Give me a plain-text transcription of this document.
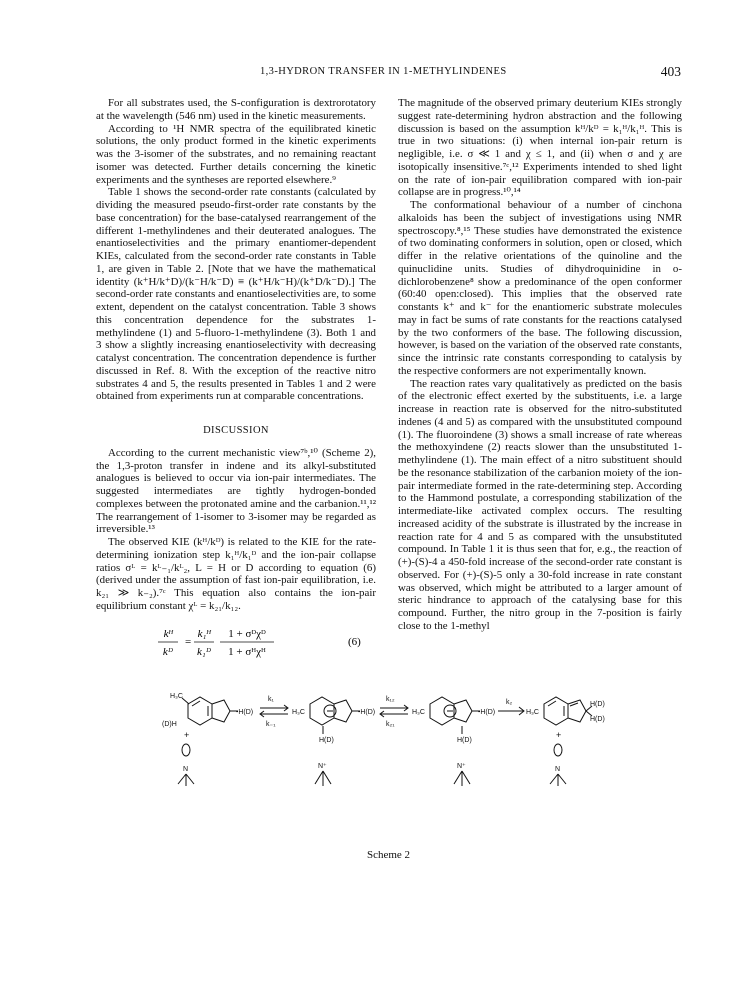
1,3-HYDRON TRANSFER IN 1-METHYLINDENES	403

For all substrates used, the S-configuration is dextrorotatory at the wavelength (546 nm) used in the kinetic measurements.

According to ¹H NMR spectra of the equilibrated kinetic solutions, the only product formed in the kinetic experiments was the 3-isomer of the substrates, and no remaining reactant isomer was detected. Further details concerning the kinetic experiments and the syntheses are reported elsewhere.⁹

Table 1 shows the second-order rate constants (calculated by dividing the measured pseudo-first-order rate constants by the base concentration) for the base-catalysed rearrangement of the different 1-methylindenes and their deuterated analogues. The enantioselectivities and the primary enantiomer-dependent KIEs, calculated from the second-order rate constants in Table 1, are given in Table 2. [Note that we have the mathematical identity (k⁺H/k⁺D)/(k⁻H/k⁻D) ≡ (k⁺H/k⁻H)/(k⁺D/k⁻D).] The second-order rate constants and enantioselectivities are, to some extent, dependent on the catalyst concentration. Table 3 shows this concentration dependence for the substrates 1-methylindene (1) and 5-fluoro-1-methylindene (3). Both 1 and 3 show a slightly increasing enantioselectivity with decreasing catalyst concentration. The concentration dependence is further discussed in Ref. 8. With the exception of the reactive nitro substrates 4 and 5, the results presented in Tables 1 and 2 were obtained from experiments run at comparable concentrations.

DISCUSSION

According to the current mechanistic view⁷ᵇ,¹⁰ (Scheme 2), the 1,3-proton transfer in indene and its alkyl-substituted analogues is believed to occur via ion-pair intermediates. The suggested intermediates are tightly hydrogen-bonded complexes between the protonated amine and the carbanion.¹¹,¹² The rearrangement of 1-isomer to 3-isomer may be regarded as irreversible.¹³

The observed KIE (kᴴ/kᴰ) is related to the KIE for the rate-determining ionization step k₁ᴴ/k₁ᴰ and the ion-pair collapse ratios σᴸ = kᴸ₋₁/kᴸ₂, L = H or D according to equation (6) (derived under the assumption of fast ion-pair equilibration, i.e. k₂₁ ≫ k₋₂).⁷ᶜ This equation also contains the ion-pair equilibrium constant χᴸ = k₂₁/k₁₂.

kᴴ
kᴰ
=
k₁ᴴ
k₁ᴰ
1 + σᴰχᴰ
1 + σᴴχᴴ
(6)

The magnitude of the observed primary deuterium KIEs strongly suggest rate-determining hydron abstraction and the following discussion is based on the assumption kᴴ/kᴰ = k₁ᴴ/k₁ᴴ. This is true in two situations: (i) when internal ion-pair return is negligible, i.e. σ ≪ 1 and χ ≤ 1, and (ii) when σ and χ are isotopically insensitive.⁷ᶜ,¹² Experiments intended to shed light on the rate of ion-pair equilibration compared with ion-pair collapse are in progress.¹⁰,¹⁴

The conformational behaviour of a number of cinchona alkaloids has been the subject of investigations using NMR spectroscopy.⁸,¹⁵ These studies have demonstrated the existence of two dominating conformers in solution, open or closed, which differ in the relative orientations of the quinoline and the quinuclidine units. Studies of dihydroquinidine in o-dichlorobenzene⁸ show a predominance of the open conformer (60:40 open:closed). This implies that the observed rate constants k⁺ and k⁻ for the enantiomeric substrate molecules may in fact be sums of rate constants for the reactions catalysed by the two conformers of the base. The following discussion, however, is based on the variation of the observed rate constants, since the intrinsic rate constants corresponding to catalysis by the respective conformers are not experimentally known.

The reaction rates vary qualitatively as predicted on the basis of the electronic effect exerted by the substituents, i.e. a large increase in reaction rate is observed for the nitro-substituted indenes (4 and 5) as compared with the unsubstituted compound (1). The fluoroindene (3) shows a small increase of rate whereas the methoxyindene (2) reacts slower than the unsubstituted 1-methylindene (1). The main effect of a nitro substituent should be the resonance stabilization of the carbanion moiety of the ion-pair intermediate formed in the rate-determining step. According to the Hammond postulate, a corresponding stabilization of the intermediate-like activated complex occurs. The resulting increased acidity of the substrate is illustrated by the increase in reaction rate for 4 and 5 as compared with the unsubstituted compound. In Table 1 it is thus seen that for, e.g., the reaction of (+)-(S)-4 a 450-fold increase of the second-order rate constant is observed. For (+)-(S)-5 only a 30-fold increase in rate constant was observed, which might be attributed to a larger amount of steric hindrance to approach of the catalysing base for this compound. Further, the nitro group in the 7-position is fairly close to the 1-methyl

H₃C
(D)H
-H(D)
+
N
k₁
k₋₁
H₃C	-H(D)
H(D)
N⁺
k₁₂
k₂₁
H₃C	-H(D)
H(D)
N⁺
k₂
H₃C
H(D)
H(D)
+
N
Scheme 2
